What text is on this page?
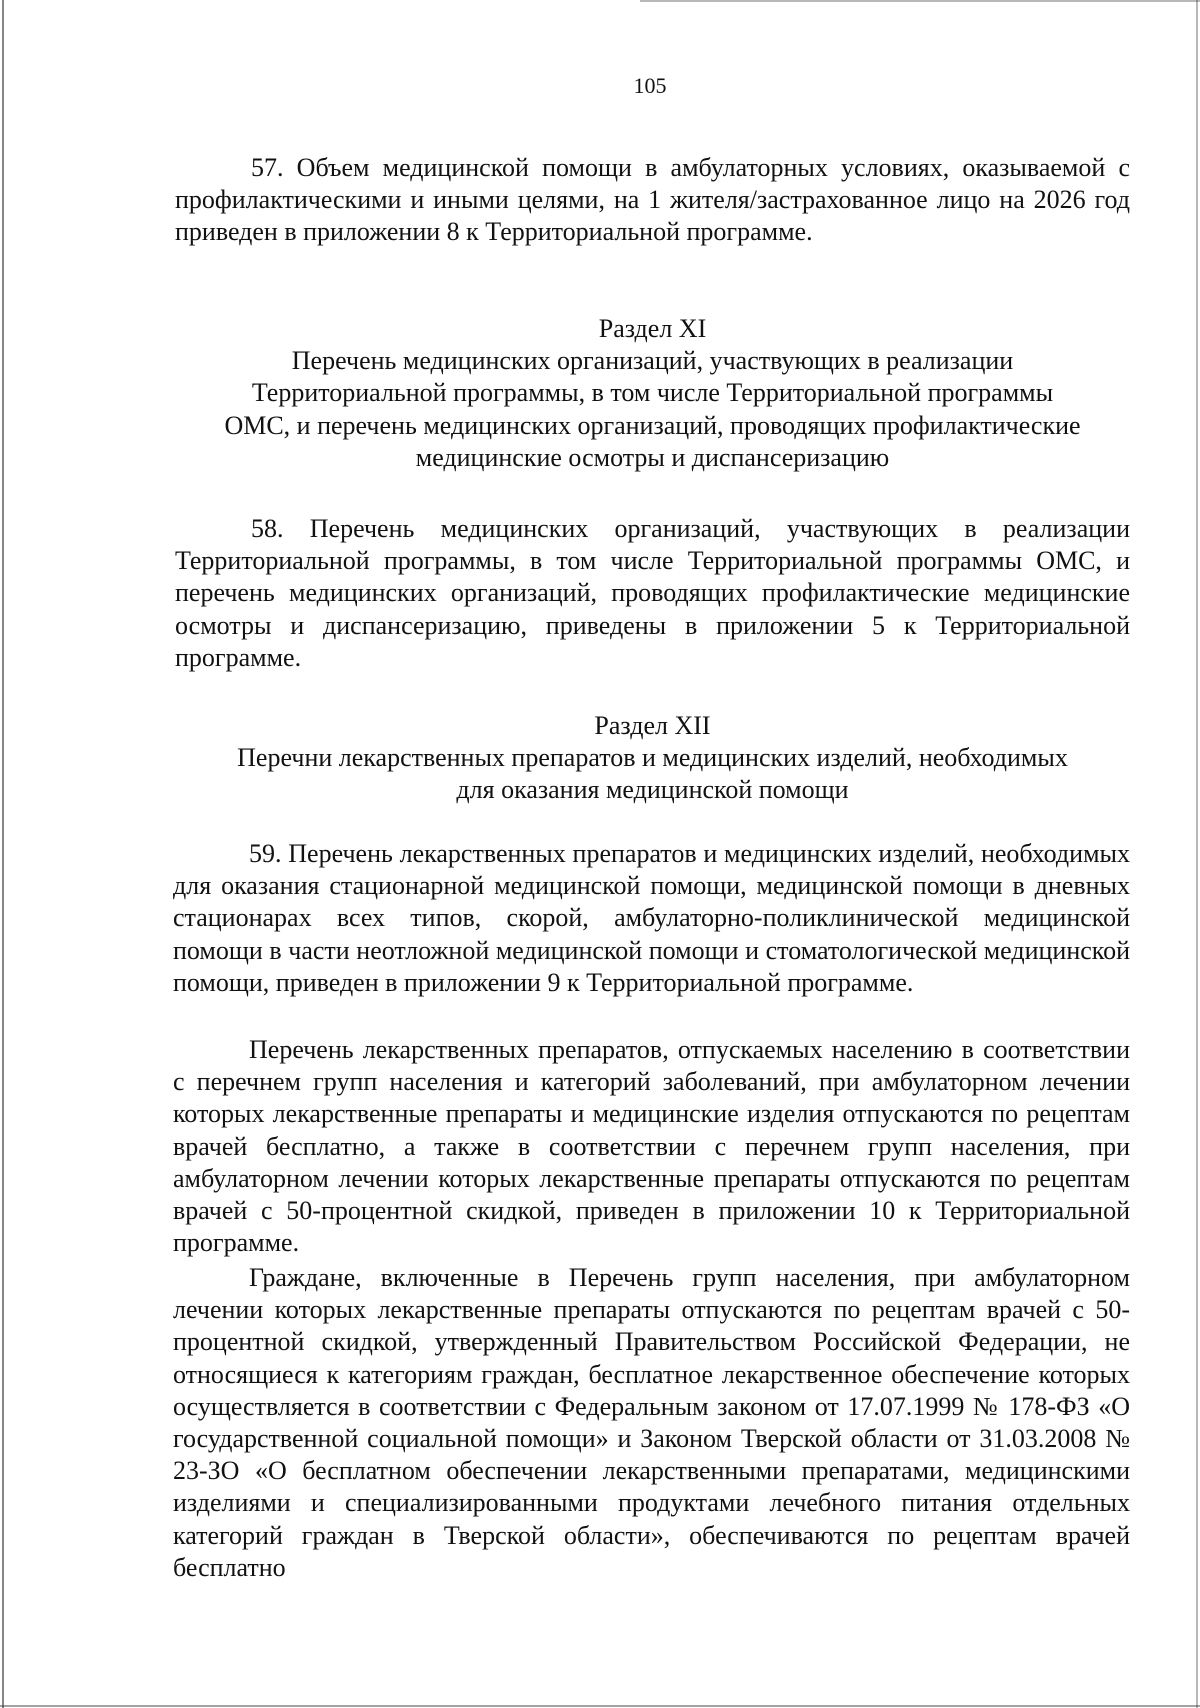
105

57. Объем медицинской помощи в амбулаторных условиях, оказываемой с профилактическими и иными целями, на 1 жителя/застрахованное лицо на 2026 год приведен в приложении 8 к Территориальной программе.

Раздел XI

Перечень медицинских организаций, участвующих в реализации

Территориальной программы, в том числе Территориальной программы

ОМС, и перечень медицинских организаций, проводящих профилактические

медицинские осмотры и диспансеризацию

58. Перечень медицинских организаций, участвующих в реализации Территориальной программы, в том числе Территориальной программы ОМС, и перечень медицинских организаций, проводящих профилактические медицинские осмотры и диспансеризацию, приведены в приложении 5 к Территориальной программе.

Раздел XII

Перечни лекарственных препаратов и медицинских изделий, необходимых

для оказания медицинской помощи

59. Перечень лекарственных препаратов и медицинских изделий, необходимых для оказания стационарной медицинской помощи, медицинской помощи в дневных стационарах всех типов, скорой, амбулаторно-поликлинической медицинской помощи в части неотложной медицинской помощи и стоматологической медицинской помощи, приведен в приложении 9 к Территориальной программе.

Перечень лекарственных препаратов, отпускаемых населению в соответствии с перечнем групп населения и категорий заболеваний, при амбулаторном лечении которых лекарственные препараты и медицинские изделия отпускаются по рецептам врачей бесплатно, а также в соответствии с перечнем групп населения, при амбулаторном лечении которых лекарственные препараты отпускаются по рецептам врачей с 50-процентной скидкой, приведен в приложении 10 к Территориальной программе.

Граждане, включенные в Перечень групп населения, при амбулаторном лечении которых лекарственные препараты отпускаются по рецептам врачей с 50-процентной скидкой, утвержденный Правительством Российской Федерации, не относящиеся к категориям граждан, бесплатное лекарственное обеспечение которых осуществляется в соответствии с Федеральным законом от 17.07.1999 № 178-ФЗ «О государственной социальной помощи» и Законом Тверской области от 31.03.2008 № 23-ЗО «О бесплатном обеспечении лекарственными препаратами, медицинскими изделиями и специализированными продуктами лечебного питания отдельных категорий граждан в Тверской области», обеспечиваются по рецептам врачей бесплатно
